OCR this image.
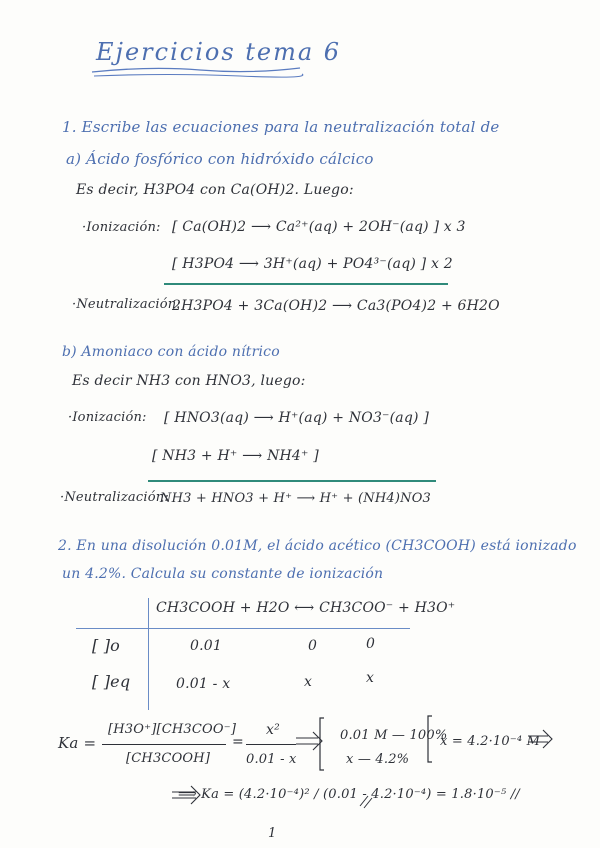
Ejercicios tema 6
1. Escribe las ecuaciones para la neutralización total de
a) Ácido fosfórico con hidróxido cálcico
Es decir, H3PO4 con Ca(OH)2. Luego:
·Ionización: [ Ca(OH)2 ⟶ Ca²⁺(aq) + 2OH⁻(aq) ] x 3
[ H3PO4 ⟶ 3H⁺(aq) + PO4³⁻(aq) ] x 2
·Neutralización:
2H3PO4 + 3Ca(OH)2 ⟶ Ca3(PO4)2 + 6H2O
b) Amoniaco con ácido nítrico
Es decir NH3 con HNO3, luego:
·Ionización: [ HNO3(aq) ⟶ H⁺(aq) + NO3⁻(aq) ]
[ NH3 + H⁺ ⟶ NH4⁺ ]
·Neutralización:
NH3 + HNO3 + H⁺ ⟶ H⁺ + (NH4)NO3
2. En una disolución 0.01M, el ácido acético (CH3COOH) está ionizado
un 4.2%. Calcula su constante de ionización
CH3COOH + H2O ⟷ CH3COO⁻ + H3O⁺
[ ]o	0.01	0	0
[ ]eq	0.01 - x	x	x
Ka =
[H3O⁺][CH3COO⁻]
[CH3COOH]
=
x²
0.01 - x
0.01 M — 100%
x — 4.2%
x = 4.2·10⁻⁴ M
⟹ Ka = (4.2·10⁻⁴)² / (0.01 - 4.2·10⁻⁴) = 1.8·10⁻⁵ //
1
